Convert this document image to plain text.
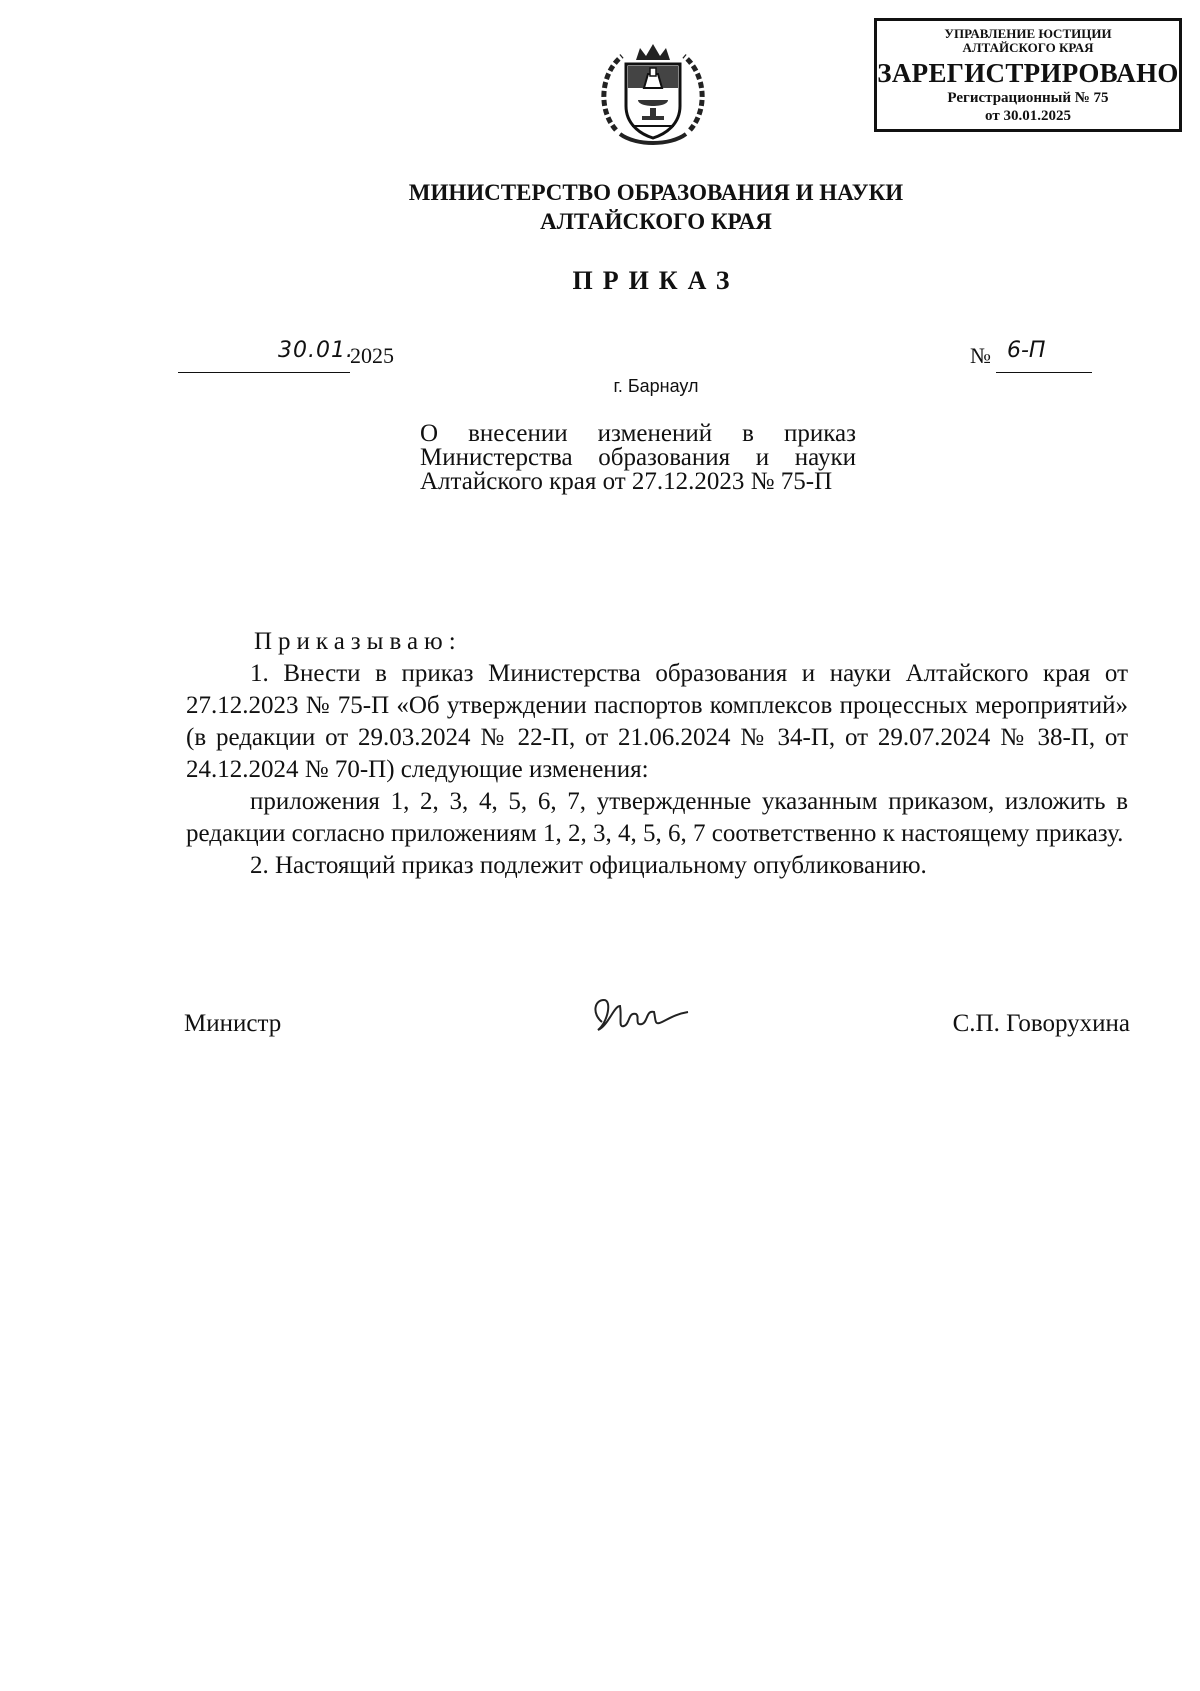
УПРАВЛЕНИЕ ЮСТИЦИИ
АЛТАЙСКОГО КРАЯ
ЗАРЕГИСТРИРОВАНО
Регистрационный № 75
от 30.01.2025
МИНИСТЕРСТВО ОБРАЗОВАНИЯ И НАУКИ
АЛТАЙСКОГО КРАЯ
ПРИКАЗ
30.01.
2025	№ 6-П
г. Барнаул
О внесении изменений в приказ Министерства образования и науки Алтайского края от 27.12.2023 № 75-П

Приказываю:

1. Внести в приказ Министерства образования и науки Алтайского края от 27.12.2023 № 75-П «Об утверждении паспортов комплексов процессных мероприятий» (в редакции от 29.03.2024 № 22-П, от 21.06.2024 № 34-П, от 29.07.2024 № 38-П, от 24.12.2024 № 70-П) следующие изменения:

приложения 1, 2, 3, 4, 5, 6, 7, утвержденные указанным приказом, изложить в редакции согласно приложениям 1, 2, 3, 4, 5, 6, 7 соответственно к настоящему приказу.

2. Настоящий приказ подлежит официальному опубликованию.

Министр	С.П. Говорухина
